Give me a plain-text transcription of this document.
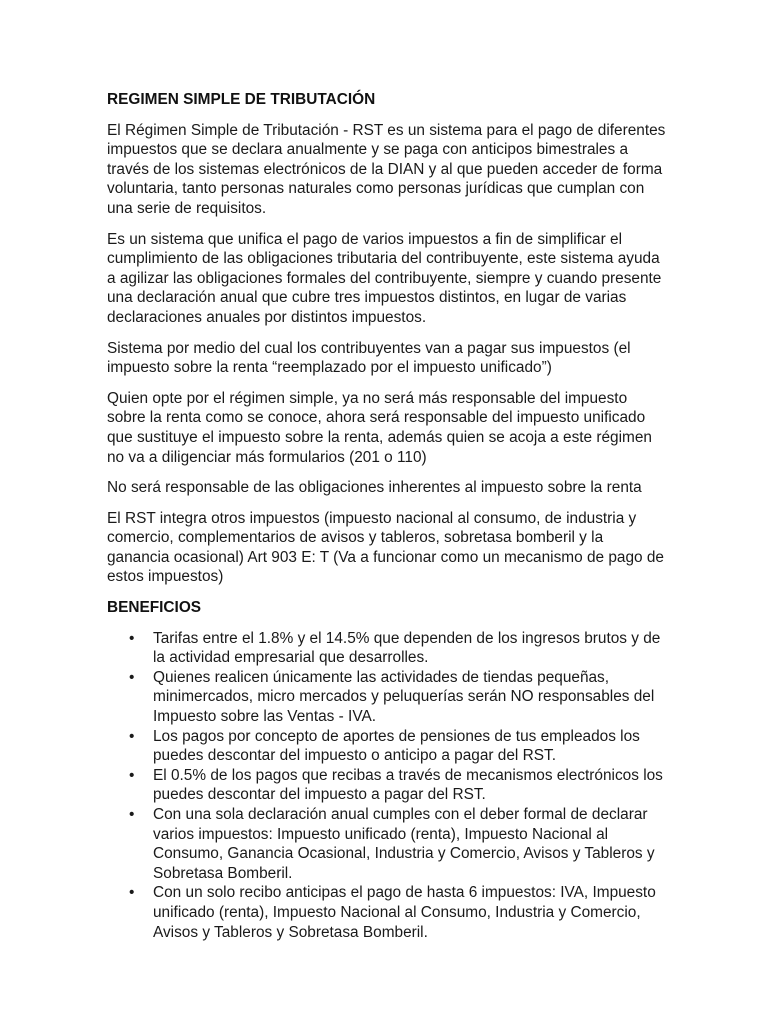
REGIMEN SIMPLE DE TRIBUTACIÓN

El Régimen Simple de Tributación - RST es un sistema para el pago de diferentes impuestos que se declara anualmente y se paga con anticipos bimestrales a través de los sistemas electrónicos de la DIAN y al que pueden acceder de forma voluntaria, tanto personas naturales como personas jurídicas que cumplan con una serie de requisitos.

Es un sistema que unifica el pago de varios impuestos a fin de simplificar el cumplimiento de las obligaciones tributaria del contribuyente, este sistema ayuda a agilizar las obligaciones formales del contribuyente, siempre y cuando presente una declaración anual que cubre tres impuestos distintos, en lugar de varias declaraciones anuales por distintos impuestos.

Sistema por medio del cual los contribuyentes van a pagar sus impuestos (el impuesto sobre la renta “reemplazado por el impuesto unificado”)

Quien opte por el régimen simple, ya no será más responsable del impuesto sobre la renta como se conoce, ahora será responsable del impuesto unificado que sustituye el impuesto sobre la renta, además quien se acoja a este régimen no va a diligenciar más formularios (201 o 110)

No será responsable de las obligaciones inherentes al impuesto sobre la renta

El RST integra otros impuestos (impuesto nacional al consumo, de industria y comercio, complementarios de avisos y tableros, sobretasa bomberil y la ganancia ocasional) Art 903 E: T (Va a funcionar como un mecanismo de pago de estos impuestos)

BENEFICIOS
• Tarifas entre el 1.8% y el 14.5% que dependen de los ingresos brutos y de la actividad empresarial que desarrolles.
• Quienes realicen únicamente las actividades de tiendas pequeñas, minimercados, micro mercados y peluquerías serán NO responsables del Impuesto sobre las Ventas - IVA.
• Los pagos por concepto de aportes de pensiones de tus empleados los puedes descontar del impuesto o anticipo a pagar del RST.
• El 0.5% de los pagos que recibas a través de mecanismos electrónicos los puedes descontar del impuesto a pagar del RST.
• Con una sola declaración anual cumples con el deber formal de declarar varios impuestos: Impuesto unificado (renta), Impuesto Nacional al Consumo, Ganancia Ocasional, Industria y Comercio, Avisos y Tableros y Sobretasa Bomberil.
• Con un solo recibo anticipas el pago de hasta 6 impuestos: IVA, Impuesto unificado (renta), Impuesto Nacional al Consumo, Industria y Comercio, Avisos y Tableros y Sobretasa Bomberil.
